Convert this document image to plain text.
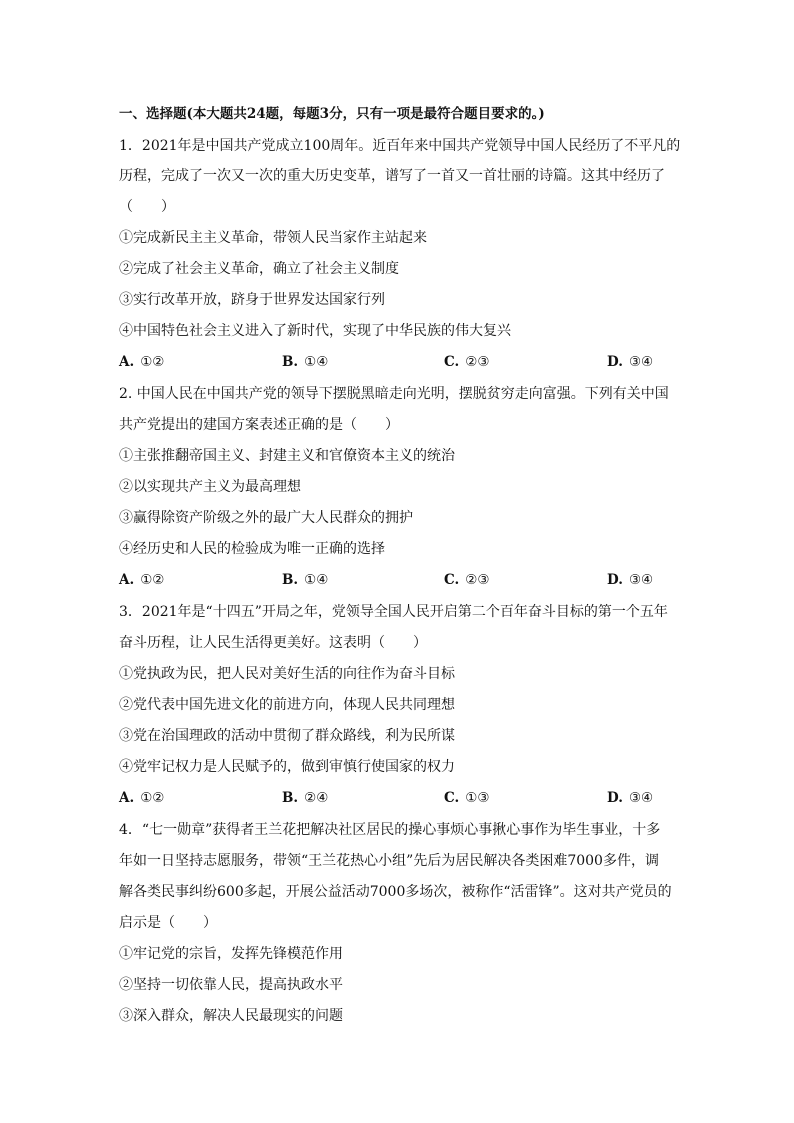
一、选择题(本大题共24题，每题3分，只有一项是最符合题目要求的。)
1．2021年是中国共产党成立100周年。近百年来中国共产党领导中国人民经历了不平凡的
历程，完成了一次又一次的重大历史变革，谱写了一首又一首壮丽的诗篇。这其中经历了
（　　）
①完成新民主主义革命，带领人民当家作主站起来
②完成了社会主义革命，确立了社会主义制度
③实行改革开放，跻身于世界发达国家行列
④中国特色社会主义进入了新时代，实现了中华民族的伟大复兴
A. ①②	B. ①④	C. ②③	D. ③④
2. 中国人民在中国共产党的领导下摆脱黑暗走向光明，摆脱贫穷走向富强。下列有关中国
共产党提出的建国方案表述正确的是（　　）
①主张推翻帝国主义、封建主义和官僚资本主义的统治
②以实现共产主义为最高理想
③赢得除资产阶级之外的最广大人民群众的拥护
④经历史和人民的检验成为唯一正确的选择
A. ①②	B. ①④	C. ②③	D. ③④
3．2021年是“十四五”开局之年，党领导全国人民开启第二个百年奋斗目标的第一个五年
奋斗历程，让人民生活得更美好。这表明（　　）
①党执政为民，把人民对美好生活的向往作为奋斗目标
②党代表中国先进文化的前进方向，体现人民共同理想
③党在治国理政的活动中贯彻了群众路线，利为民所谋
④党牢记权力是人民赋予的，做到审慎行使国家的权力
A. ①②	B. ②④	C. ①③	D. ③④
4．“七一勋章”获得者王兰花把解决社区居民的操心事烦心事揪心事作为毕生事业，十多
年如一日坚持志愿服务，带领“王兰花热心小组”先后为居民解决各类困难7000多件，调
解各类民事纠纷600多起，开展公益活动7000多场次，被称作“活雷锋”。这对共产党员的
启示是（　　）
①牢记党的宗旨，发挥先锋模范作用
②坚持一切依靠人民，提高执政水平
③深入群众，解决人民最现实的问题
